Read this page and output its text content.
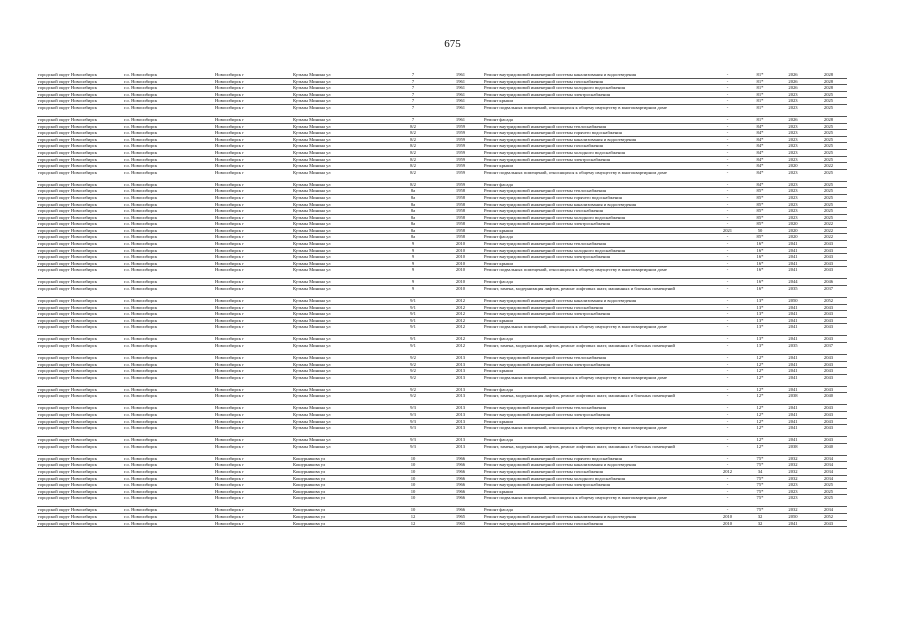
675
городской округ Новосибирск	г.о. Новосибирск	Новосибирск г	Кузьмы Минина ул	7	1961	Ремонт внутридомовой инженерной системы канализования и водоотведения	-	81*	2026	2028
городской округ Новосибирск	г.о. Новосибирск	Новосибирск г	Кузьмы Минина ул	7	1961	Ремонт внутридомовой инженерной системы газоснабжения	-	81*	2026	2028
городской округ Новосибирск	г.о. Новосибирск	Новосибирск г	Кузьмы Минина ул	7	1961	Ремонт внутридомовой инженерной системы холодного водоснабжения	-	81*	2026	2028
городской округ Новосибирск	г.о. Новосибирск	Новосибирск г	Кузьмы Минина ул	7	1961	Ремонт внутридомовой инженерной системы электроснабжения	-	81*	2023	2025
городской округ Новосибирск	г.о. Новосибирск	Новосибирск г	Кузьмы Минина ул	7	1961	Ремонт крыши	-	81*	2023	2025
городской округ Новосибирск	г.о. Новосибирск	Новосибирск г	Кузьмы Минина ул	7	1961	Ремонт подвальных помещений, относящихся к общему имуществу в многоквартирном доме	-	81*	2023	2025
городской округ Новосибирск	г.о. Новосибирск	Новосибирск г	Кузьмы Минина ул	7	1961	Ремонт фасада	-	81*	2026	2028
городской округ Новосибирск	г.о. Новосибирск	Новосибирск г	Кузьмы Минина ул	8/2	1959	Ремонт внутридомовой инженерной системы теплоснабжения	-	84*	2023	2025
городской округ Новосибирск	г.о. Новосибирск	Новосибирск г	Кузьмы Минина ул	8/2	1959	Ремонт внутридомовой инженерной системы горячего водоснабжения	-	84*	2023	2025
городской округ Новосибирск	г.о. Новосибирск	Новосибирск г	Кузьмы Минина ул	8/2	1959	Ремонт внутридомовой инженерной системы канализования и водоотведения	-	84*	2023	2025
городской округ Новосибирск	г.о. Новосибирск	Новосибирск г	Кузьмы Минина ул	8/2	1959	Ремонт внутридомовой инженерной системы газоснабжения	-	84*	2023	2025
городской округ Новосибирск	г.о. Новосибирск	Новосибирск г	Кузьмы Минина ул	8/2	1959	Ремонт внутридомовой инженерной системы холодного водоснабжения	-	84*	2023	2025
городской округ Новосибирск	г.о. Новосибирск	Новосибирск г	Кузьмы Минина ул	8/2	1959	Ремонт внутридомовой инженерной системы электроснабжения	-	84*	2023	2025
городской округ Новосибирск	г.о. Новосибирск	Новосибирск г	Кузьмы Минина ул	8/2	1959	Ремонт крыши	-	84*	2020	2022
городской округ Новосибирск	г.о. Новосибирск	Новосибирск г	Кузьмы Минина ул	8/2	1959	Ремонт подвальных помещений, относящихся к общему имуществу в многоквартирном доме	-	84*	2023	2025
городской округ Новосибирск	г.о. Новосибирск	Новосибирск г	Кузьмы Минина ул	8/2	1959	Ремонт фасада	-	84*	2023	2025
городской округ Новосибирск	г.о. Новосибирск	Новосибирск г	Кузьмы Минина ул	8а	1958	Ремонт внутридомовой инженерной системы теплоснабжения	-	85*	2023	2025
городской округ Новосибирск	г.о. Новосибирск	Новосибирск г	Кузьмы Минина ул	8а	1958	Ремонт внутридомовой инженерной системы горячего водоснабжения	-	85*	2023	2025
городской округ Новосибирск	г.о. Новосибирск	Новосибирск г	Кузьмы Минина ул	8а	1958	Ремонт внутридомовой инженерной системы канализования и водоотведения	-	85*	2023	2025
городской округ Новосибирск	г.о. Новосибирск	Новосибирск г	Кузьмы Минина ул	8а	1958	Ремонт внутридомовой инженерной системы газоснабжения	-	85*	2023	2025
городской округ Новосибирск	г.о. Новосибирск	Новосибирск г	Кузьмы Минина ул	8а	1958	Ремонт внутридомовой инженерной системы холодного водоснабжения	-	85*	2023	2025
городской округ Новосибирск	г.о. Новосибирск	Новосибирск г	Кузьмы Минина ул	8а	1958	Ремонт внутридомовой инженерной системы электроснабжения	-	85*	2020	2022
городской округ Новосибирск	г.о. Новосибирск	Новосибирск г	Кузьмы Минина ул	8а	1958	Ремонт крыши	2021	50	2020	2022
городской округ Новосибирск	г.о. Новосибирск	Новосибирск г	Кузьмы Минина ул	8а	1958	Ремонт фасада	-	85*	2020	2022
городской округ Новосибирск	г.о. Новосибирск	Новосибирск г	Кузьмы Минина ул	9	2010	Ремонт внутридомовой инженерной системы теплоснабжения	-	16*	2041	2043
городской округ Новосибирск	г.о. Новосибирск	Новосибирск г	Кузьмы Минина ул	9	2010	Ремонт внутридомовой инженерной системы холодного водоснабжения	-	16*	2041	2043
городской округ Новосибирск	г.о. Новосибирск	Новосибирск г	Кузьмы Минина ул	9	2010	Ремонт внутридомовой инженерной системы электроснабжения	-	16*	2041	2043
городской округ Новосибирск	г.о. Новосибирск	Новосибирск г	Кузьмы Минина ул	9	2010	Ремонт крыши	-	16*	2041	2043
городской округ Новосибирск	г.о. Новосибирск	Новосибирск г	Кузьмы Минина ул	9	2010	Ремонт подвальных помещений, относящихся к общему имуществу в многоквартирном доме	-	16*	2041	2043
городской округ Новосибирск	г.о. Новосибирск	Новосибирск г	Кузьмы Минина ул	9	2010	Ремонт фасада	-	16*	2044	2046
городской округ Новосибирск	г.о. Новосибирск	Новосибирск г	Кузьмы Минина ул	9	2010	Ремонт, замена, модернизация лифтов, ремонт лифтовых шахт, машинных и блочных помещений	-	16*	2035	2037
городской округ Новосибирск	г.о. Новосибирск	Новосибирск г	Кузьмы Минина ул	9/1	2012	Ремонт внутридомовой инженерной системы канализования и водоотведения	-	13*	2050	2052
городской округ Новосибирск	г.о. Новосибирск	Новосибирск г	Кузьмы Минина ул	9/1	2012	Ремонт внутридомовой инженерной системы газоснабжения	-	13*	2041	2043
городской округ Новосибирск	г.о. Новосибирск	Новосибирск г	Кузьмы Минина ул	9/1	2012	Ремонт внутридомовой инженерной системы электроснабжения	-	13*	2041	2043
городской округ Новосибирск	г.о. Новосибирск	Новосибирск г	Кузьмы Минина ул	9/1	2012	Ремонт крыши	-	13*	2041	2043
городской округ Новосибирск	г.о. Новосибирск	Новосибирск г	Кузьмы Минина ул	9/1	2012	Ремонт подвальных помещений, относящихся к общему имуществу в многоквартирном доме	-	13*	2041	2043
городской округ Новосибирск	г.о. Новосибирск	Новосибирск г	Кузьмы Минина ул	9/1	2012	Ремонт фасада	-	13*	2041	2043
городской округ Новосибирск	г.о. Новосибирск	Новосибирск г	Кузьмы Минина ул	9/1	2012	Ремонт, замена, модернизация лифтов, ремонт лифтовых шахт, машинных и блочных помещений	-	13*	2035	2037
городской округ Новосибирск	г.о. Новосибирск	Новосибирск г	Кузьмы Минина ул	9/2	2013	Ремонт внутридомовой инженерной системы теплоснабжения	-	12*	2041	2043
городской округ Новосибирск	г.о. Новосибирск	Новосибирск г	Кузьмы Минина ул	9/2	2013	Ремонт внутридомовой инженерной системы электроснабжения	-	12*	2041	2043
городской округ Новосибирск	г.о. Новосибирск	Новосибирск г	Кузьмы Минина ул	9/2	2013	Ремонт крыши	-	12*	2041	2043
городской округ Новосибирск	г.о. Новосибирск	Новосибирск г	Кузьмы Минина ул	9/2	2013	Ремонт подвальных помещений, относящихся к общему имуществу в многоквартирном доме	-	12*	2041	2043
городской округ Новосибирск	г.о. Новосибирск	Новосибирск г	Кузьмы Минина ул	9/2	2013	Ремонт фасада	-	12*	2041	2043
городской округ Новосибирск	г.о. Новосибирск	Новосибирск г	Кузьмы Минина ул	9/2	2013	Ремонт, замена, модернизация лифтов, ремонт лифтовых шахт, машинных и блочных помещений	-	12*	2038	2040
городской округ Новосибирск	г.о. Новосибирск	Новосибирск г	Кузьмы Минина ул	9/3	2013	Ремонт внутридомовой инженерной системы теплоснабжения	-	12*	2041	2043
городской округ Новосибирск	г.о. Новосибирск	Новосибирск г	Кузьмы Минина ул	9/3	2013	Ремонт внутридомовой инженерной системы электроснабжения	-	12*	2041	2043
городской округ Новосибирск	г.о. Новосибирск	Новосибирск г	Кузьмы Минина ул	9/3	2013	Ремонт крыши	-	12*	2041	2043
городской округ Новосибирск	г.о. Новосибирск	Новосибирск г	Кузьмы Минина ул	9/3	2013	Ремонт подвальных помещений, относящихся к общему имуществу в многоквартирном доме	-	12*	2041	2043
городской округ Новосибирск	г.о. Новосибирск	Новосибирск г	Кузьмы Минина ул	9/3	2013	Ремонт фасада	-	12*	2041	2043
городской округ Новосибирск	г.о. Новосибирск	Новосибирск г	Кузьмы Минина ул	9/3	2013	Ремонт, замена, модернизация лифтов, ремонт лифтовых шахт, машинных и блочных помещений	-	12*	2038	2040
городской округ Новосибирск	г.о. Новосибирск	Новосибирск г	Кошурникова ул	10	1966	Ремонт внутридомовой инженерной системы горячего водоснабжения	-	75*	2032	2034
городской округ Новосибирск	г.о. Новосибирск	Новосибирск г	Кошурникова ул	10	1966	Ремонт внутридомовой инженерной системы канализования и водоотведения	-	75*	2032	2034
городской округ Новосибирск	г.о. Новосибирск	Новосибирск г	Кошурникова ул	10	1966	Ремонт внутридомовой инженерной системы газоснабжения	2012	34	2032	2034
городской округ Новосибирск	г.о. Новосибирск	Новосибирск г	Кошурникова ул	10	1966	Ремонт внутридомовой инженерной системы холодного водоснабжения	-	75*	2032	2034
городской округ Новосибирск	г.о. Новосибирск	Новосибирск г	Кошурникова ул	10	1966	Ремонт внутридомовой инженерной системы электроснабжения	-	75*	2023	2025
городской округ Новосибирск	г.о. Новосибирск	Новосибирск г	Кошурникова ул	10	1966	Ремонт крыши	-	75*	2023	2025
городской округ Новосибирск	г.о. Новосибирск	Новосибирск г	Кошурникова ул	10	1966	Ремонт подвальных помещений, относящихся к общему имуществу в многоквартирном доме	-	75*	2023	2025
городской округ Новосибирск	г.о. Новосибирск	Новосибирск г	Кошурникова ул	10	1966	Ремонт фасада	-	75*	2032	2034
городской округ Новосибирск	г.о. Новосибирск	Новосибирск г	Кошурникова ул	12	1965	Ремонт внутридомовой инженерной системы канализования и водоотведения	2010	32	2050	2052
городской округ Новосибирск	г.о. Новосибирск	Новосибирск г	Кошурникова ул	12	1965	Ремонт внутридомовой инженерной системы газоснабжения	2010	32	2041	2043
